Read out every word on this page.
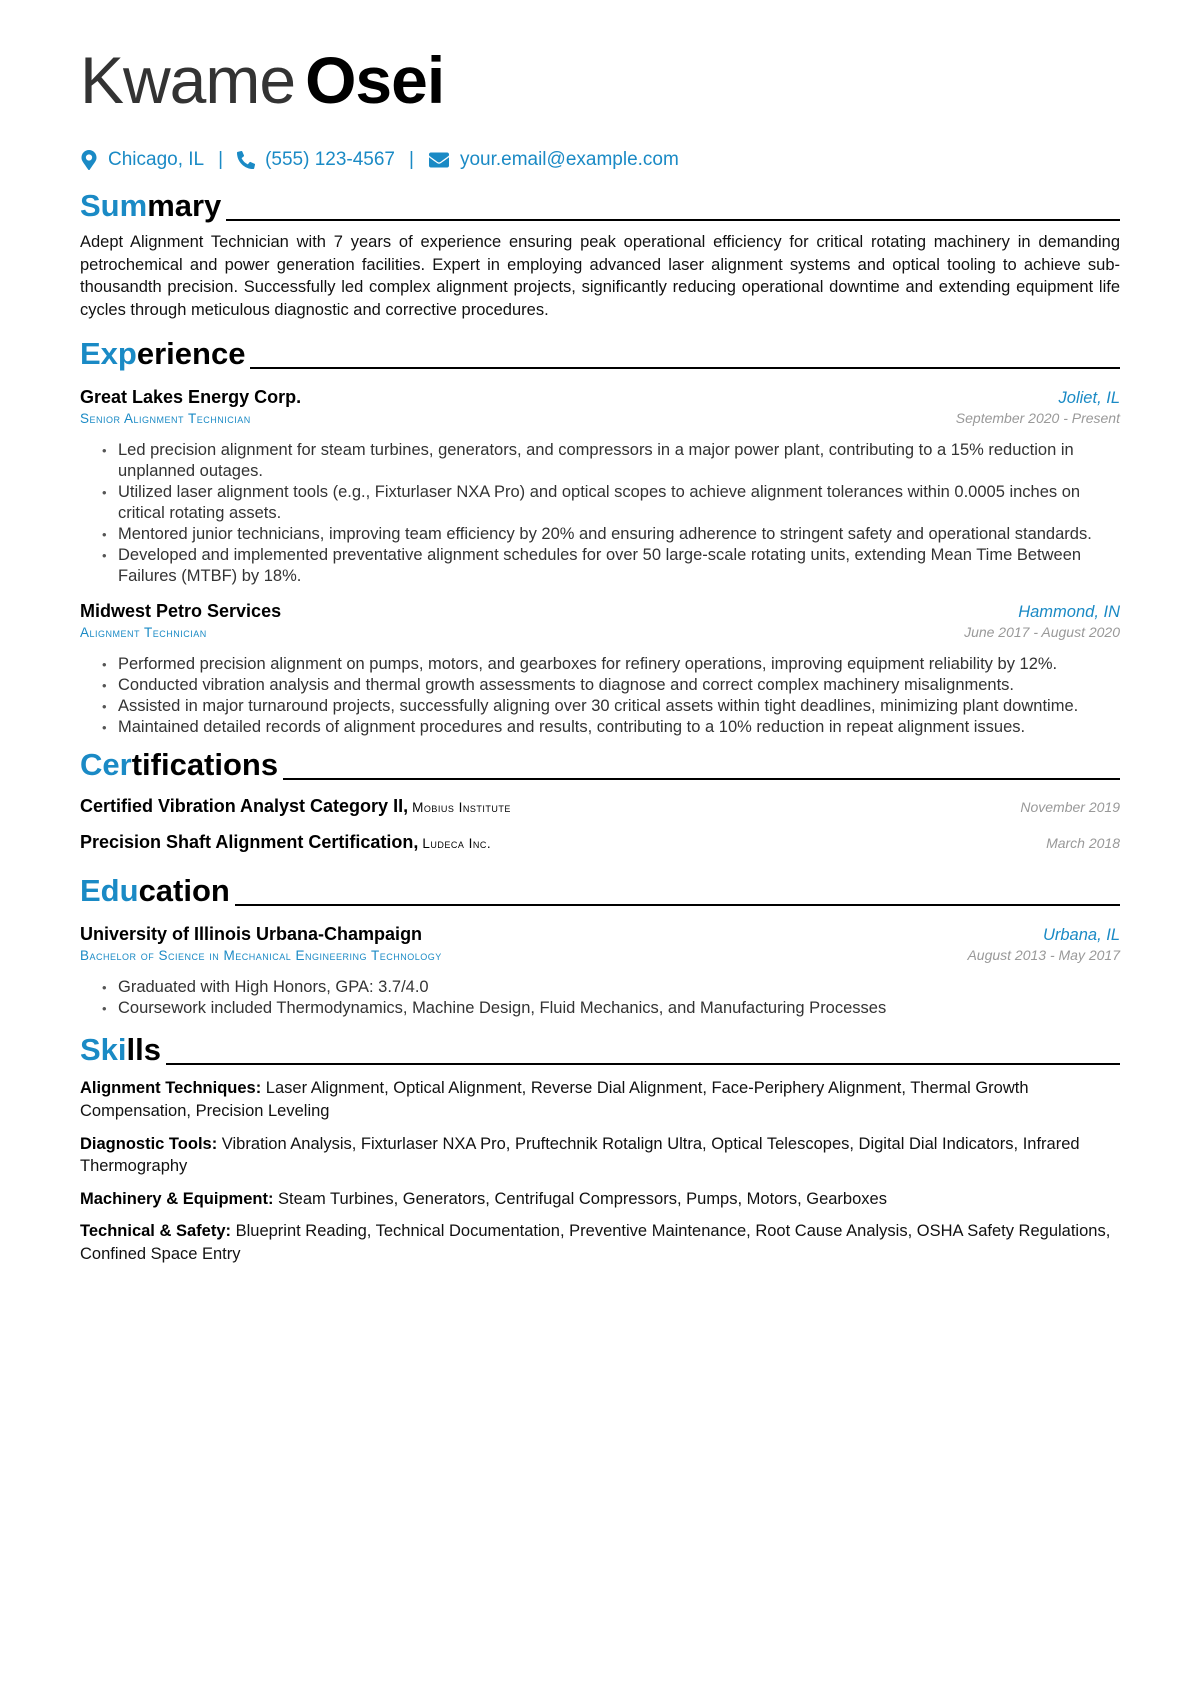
Kwame Osei
Chicago, IL | (555) 123-4567 | your.email@example.com
Summary

Adept Alignment Technician with 7 years of experience ensuring peak operational efficiency for critical rotating machinery in demanding petrochemical and power generation facilities. Expert in employing advanced laser alignment systems and optical tooling to achieve sub-thousandth precision. Successfully led complex alignment projects, significantly reducing operational downtime and extending equipment life cycles through meticulous diagnostic and corrective procedures.

Experience
Great Lakes Energy Corp.	Joliet, IL
Senior Alignment Technician	September 2020 - Present
• Led precision alignment for steam turbines, generators, and compressors in a major power plant, contributing to a 15% reduction in unplanned outages.
• Utilized laser alignment tools (e.g., Fixturlaser NXA Pro) and optical scopes to achieve alignment tolerances within 0.0005 inches on critical rotating assets.
• Mentored junior technicians, improving team efficiency by 20% and ensuring adherence to stringent safety and operational standards.
• Developed and implemented preventative alignment schedules for over 50 large-scale rotating units, extending Mean Time Between Failures (MTBF) by 18%.
Midwest Petro Services	Hammond, IN
Alignment Technician	June 2017 - August 2020
• Performed precision alignment on pumps, motors, and gearboxes for refinery operations, improving equipment reliability by 12%.
• Conducted vibration analysis and thermal growth assessments to diagnose and correct complex machinery misalignments.
• Assisted in major turnaround projects, successfully aligning over 30 critical assets within tight deadlines, minimizing plant downtime.
• Maintained detailed records of alignment procedures and results, contributing to a 10% reduction in repeat alignment issues.
Certifications
Certified Vibration Analyst Category II, Mobius Institute	November 2019
Precision Shaft Alignment Certification, Ludeca Inc.	March 2018
Education
University of Illinois Urbana-Champaign	Urbana, IL
Bachelor of Science in Mechanical Engineering Technology	August 2013 - May 2017
• Graduated with High Honors, GPA: 3.7/4.0
• Coursework included Thermodynamics, Machine Design, Fluid Mechanics, and Manufacturing Processes
Skills
Alignment Techniques: Laser Alignment, Optical Alignment, Reverse Dial Alignment, Face-Periphery Alignment, Thermal Growth Compensation, Precision Leveling
Diagnostic Tools: Vibration Analysis, Fixturlaser NXA Pro, Pruftechnik Rotalign Ultra, Optical Telescopes, Digital Dial Indicators, Infrared Thermography
Machinery & Equipment: Steam Turbines, Generators, Centrifugal Compressors, Pumps, Motors, Gearboxes
Technical & Safety: Blueprint Reading, Technical Documentation, Preventive Maintenance, Root Cause Analysis, OSHA Safety Regulations, Confined Space Entry
